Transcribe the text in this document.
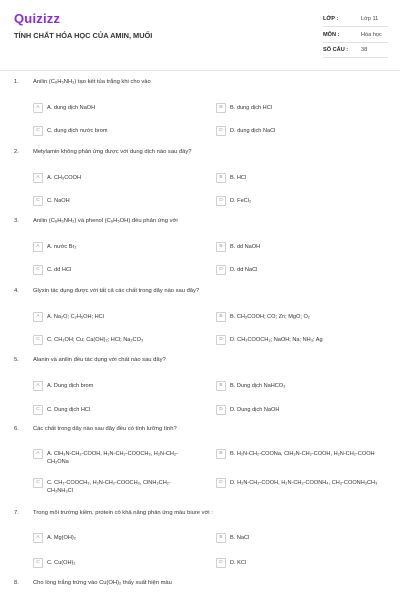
Quizizz
TÍNH CHẤT HÓA HỌC CỦA AMIN, MUỐI
LỚP :	Lớp 11
MÔN :	Hóa học
SỐ CÂU : 38
1. Anilin (C₆H₅NH₂) tạo kết tủa trắng khi cho vào
A	A. dung dịch NaOH	B	B. dung dịch HCl
C	C. dung dịch nước brom	D	D. dung dịch NaCl
2. Metylamin không phản ứng được với dung dịch nào sau đây?
A	A. CH₃COOH	B	B. HCl
C	C. NaOH	D	D. FeCl₂
3. Anilin (C₆H₅NH₂) và phenol (C₆H₅OH) đều phản ứng với
A	A. nước Br₂	B	B. dd NaOH
C	C. dd HCl	D	D. dd NaCl
4. Glyxin tác dụng được với tất cả các chất trong dãy nào sau đây?
A	A. Na₂O; C₂H₅OH; HCl	B	B. CH₃COOH; CO; Zn; MgO; O₂
C	C. CH₃OH; Cu; Ca(OH)₂; HCl; Na₂CO₃	D	D. CH₃COOCH₃; NaOH; Na; NH₃; Ag
5. Alanin và anilin đều tác dụng với chất nào sau đây?
A	A. Dung dịch brom	B	B. Dung dịch NaHCO₃
C	C. Dung dịch HCl	D	D. Dung dịch NaOH
6. Các chất trong dãy nào sau đây đều có tính lưỡng tính?
A	A. ClH₃N-CH₂-COOH, H₂N-CH₂-COOCH₃, H₂N-CH₂-CH₂ONa
B	B. H₂N-CH₂-COONa, ClH₃N-CH₂-COOH, H₂N-CH₂-COOH
C	C. CH₃-COOCH₃, H₂N-CH₂-COOCH₃, ClNH₃CH₂-CH₂NH₃Cl
D	D. H₂N-CH₂-COOH, H₂N-CH₂-COONH₄, CH₃-COONH₃CH₃
7. Trong môi trường kiềm, protein có khả năng phản ứng màu biure với :
A	A. Mg(OH)₂	B	B. NaCl
C	C. Cu(OH)₂	D	D. KCl
8. Cho lòng trắng trứng vào Cu(OH)₂ thấy xuất hiện màu
